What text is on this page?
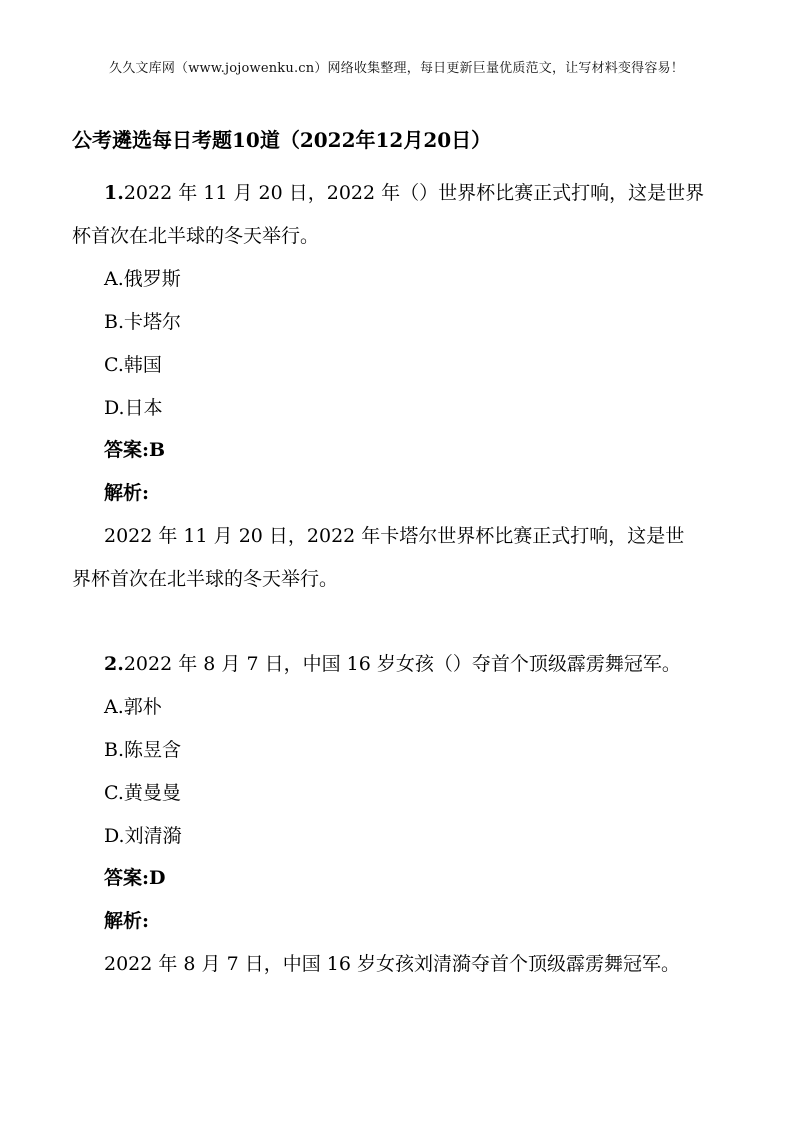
久久文库网（www.jojowenku.cn）网络收集整理，每日更新巨量优质范文，让写材料变得容易！
公考遴选每日考题10道（2022年12月20日）
1.2022 年 11 月 20 日，2022 年（）世界杯比赛正式打响，这是世界
杯首次在北半球的冬天举行。
A.俄罗斯
B.卡塔尔
C.韩国
D.日本
答案:B
解析:
2022 年 11 月 20 日，2022 年卡塔尔世界杯比赛正式打响，这是世
界杯首次在北半球的冬天举行。
2.2022 年 8 月 7 日，中国 16 岁女孩（）夺首个顶级霹雳舞冠军。
A.郭朴
B.陈昱含
C.黄曼曼
D.刘清漪
答案:D
解析:
2022 年 8 月 7 日，中国 16 岁女孩刘清漪夺首个顶级霹雳舞冠军。
